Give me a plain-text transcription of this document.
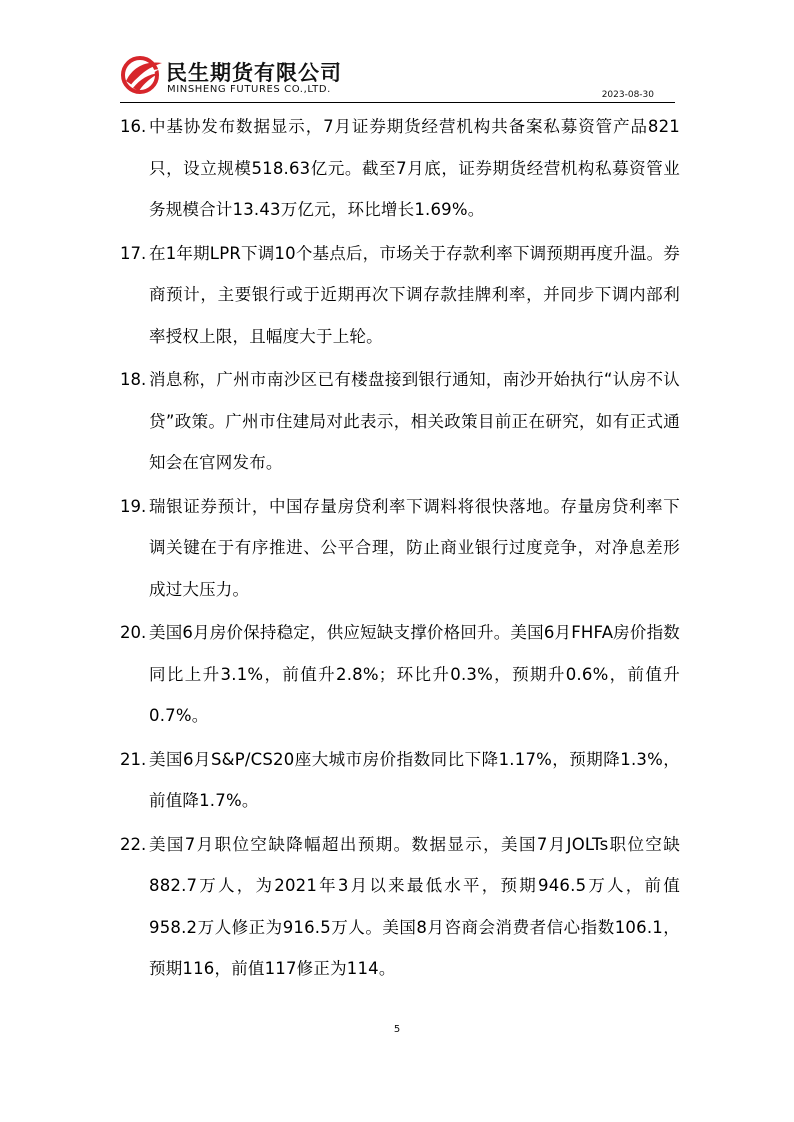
民生期货有限公司
MINSHENG FUTURES CO.,LTD.	2023-08-30
16. 中基协发布数据显示，7月证券期货经营机构共备案私募资管产品821只，设立规模518.63亿元。截至7月底，证券期货经营机构私募资管业务规模合计13.43万亿元，环比增长1.69%。
17. 在1年期LPR下调10个基点后，市场关于存款利率下调预期再度升温。券商预计，主要银行或于近期再次下调存款挂牌利率，并同步下调内部利率授权上限，且幅度大于上轮。
18. 消息称，广州市南沙区已有楼盘接到银行通知，南沙开始执行“认房不认贷”政策。广州市住建局对此表示，相关政策目前正在研究，如有正式通知会在官网发布。
19. 瑞银证券预计，中国存量房贷利率下调料将很快落地。存量房贷利率下调关键在于有序推进、公平合理，防止商业银行过度竞争，对净息差形成过大压力。
20. 美国6月房价保持稳定，供应短缺支撑价格回升。美国6月FHFA房价指数同比上升3.1%，前值升2.8%；环比升0.3%，预期升0.6%，前值升0.7%。
21. 美国6月S&P/CS20座大城市房价指数同比下降1.17%，预期降1.3%，前值降1.7%。
22. 美国7月职位空缺降幅超出预期。数据显示，美国7月JOLTs职位空缺882.7万人，为2021年3月以来最低水平，预期946.5万人，前值958.2万人修正为916.5万人。美国8月咨商会消费者信心指数106.1，预期116，前值117修正为114。
5
